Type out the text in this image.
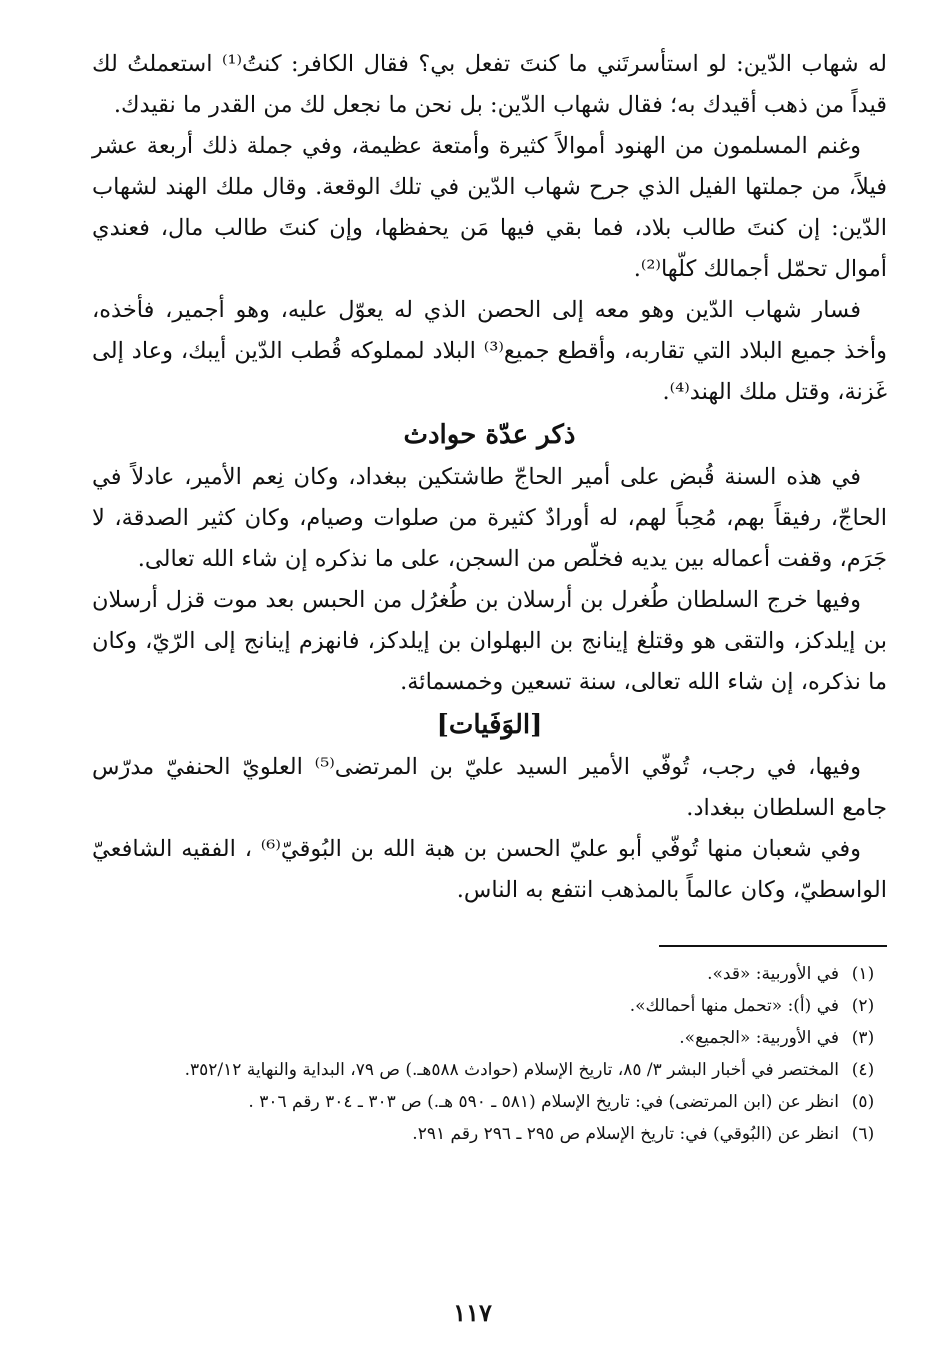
له شهاب الدّين: لو استأسرتَني ما كنتَ تفعل بي؟ فقال الكافر: كنتُ⁽¹⁾ استعملتُ لك قيداً من ذهب أقيدك به؛ فقال شهاب الدّين: بل نحن ما نجعل لك من القدر ما نقيدك.

وغنم المسلمون من الهنود أموالاً كثيرة وأمتعة عظيمة، وفي جملة ذلك أربعة عشر فيلاً، من جملتها الفيل الذي جرح شهاب الدّين في تلك الوقعة. وقال ملك الهند لشهاب الدّين: إن كنتَ طالب بلاد، فما بقي فيها مَن يحفظها، وإن كنتَ طالب مال، فعندي أموال تحمّل أجمالك كلّها⁽²⁾.

فسار شهاب الدّين وهو معه إلى الحصن الذي له يعوّل عليه، وهو أجمير، فأخذه، وأخذ جميع البلاد التي تقاربه، وأقطع جميع⁽³⁾ البلاد لمملوكه قُطب الدّين أيبك، وعاد إلى غَزنة، وقتل ملك الهند⁽⁴⁾.

ذكر عدّة حوادث

في هذه السنة قُبض على أمير الحاجّ طاشتكين ببغداد، وكان نِعم الأمير، عادلاً في الحاجّ، رفيقاً بهم، مُحِباً لهم، له أورادٌ كثيرة من صلوات وصيام، وكان كثير الصدقة، لا جَرَم، وقفت أعماله بين يديه فخلّص من السجن، على ما نذكره إن شاء الله تعالى.

وفيها خرج السلطان طُغرل بن أرسلان بن طُغرُل من الحبس بعد موت قزل أرسلان بن إيلدكز، والتقى هو وقتلغ إينانج بن البهلوان بن إيلدكز، فانهزم إينانج إلى الرّيّ، وكان ما نذكره، إن شاء الله تعالى، سنة تسعين وخمسمائة.

[الوَفَيات]

وفيها، في رجب، تُوفّي الأمير السيد عليّ بن المرتضى⁽⁵⁾ العلويّ الحنفيّ مدرّس جامع السلطان ببغداد.

وفي شعبان منها تُوفّي أبو عليّ الحسن بن هبة الله بن البُوقيّ⁽⁶⁾ ، الفقيه الشافعيّ الواسطيّ، وكان عالماً بالمذهب انتفع به الناس.

(١)
في الأوربية: «قد».
(٢)
في (أ): «تحمل منها أحمالك».
(٣)
في الأوربية: «الجميع».
(٤)
المختصر في أخبار البشر ٣/ ٨٥، تاريخ الإسلام (حوادث ٥٨٨هـ.) ص ٧٩، البداية والنهاية ٣٥٢/١٢.
(٥)
انظر عن (ابن المرتضى) في: تاريخ الإسلام (٥٨١ ـ ٥٩٠ هـ.) ص ٣٠٣ ـ ٣٠٤ رقم ٣٠٦ .
(٦)
انظر عن (البُوقي) في: تاريخ الإسلام ص ٢٩٥ ـ ٢٩٦ رقم ٢٩١.
١١٧
